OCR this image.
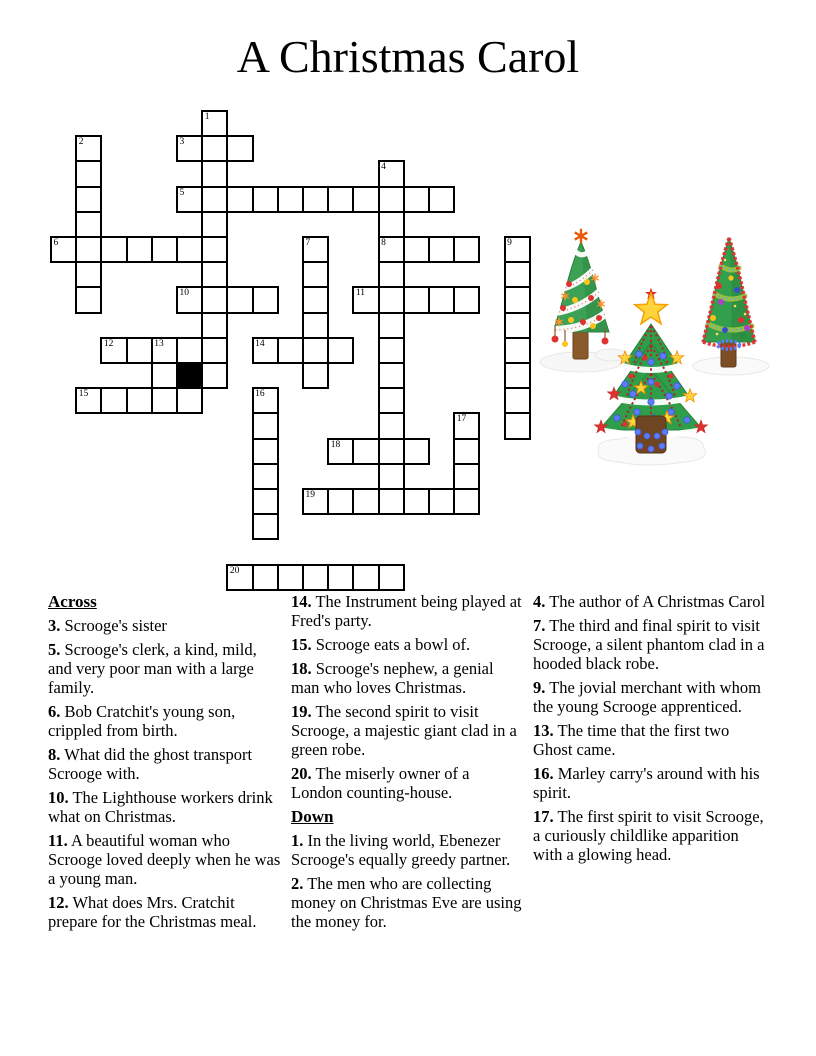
A Christmas Carol
1
2	3
4
8
5
6	7	9
10	11
12	13	14
15	16
17
18
19
20

Across

3. Scrooge's sister

5. Scrooge's clerk, a kind, mild, and very poor man with a large family.

6. Bob Cratchit's young son, crippled from birth.

8. What did the ghost transport Scrooge with.

10. The Lighthouse workers drink what on Christmas.

11. A beautiful woman who Scrooge loved deeply when he was a young man.

12. What does Mrs. Cratchit prepare for the Christmas meal.

14. The Instrument being played at Fred's party.

15. Scrooge eats a bowl of.

18. Scrooge's nephew, a genial man who loves Christmas.

19. The second spirit to visit Scrooge, a majestic giant clad in a green robe.

20. The miserly owner of a London counting-house.

Down

1. In the living world, Ebenezer Scrooge's equally greedy partner.

2. The men who are collecting money on Christmas Eve are using the money for.

4. The author of A Christmas Carol

7. The third and final spirit to visit Scrooge, a silent phantom clad in a hooded black robe.

9. The jovial merchant with whom the young Scrooge apprenticed.

13. The time that the first two Ghost came.

16. Marley carry's around with his spirit.

17. The first spirit to visit Scrooge, a curiously childlike apparition with a glowing head.
